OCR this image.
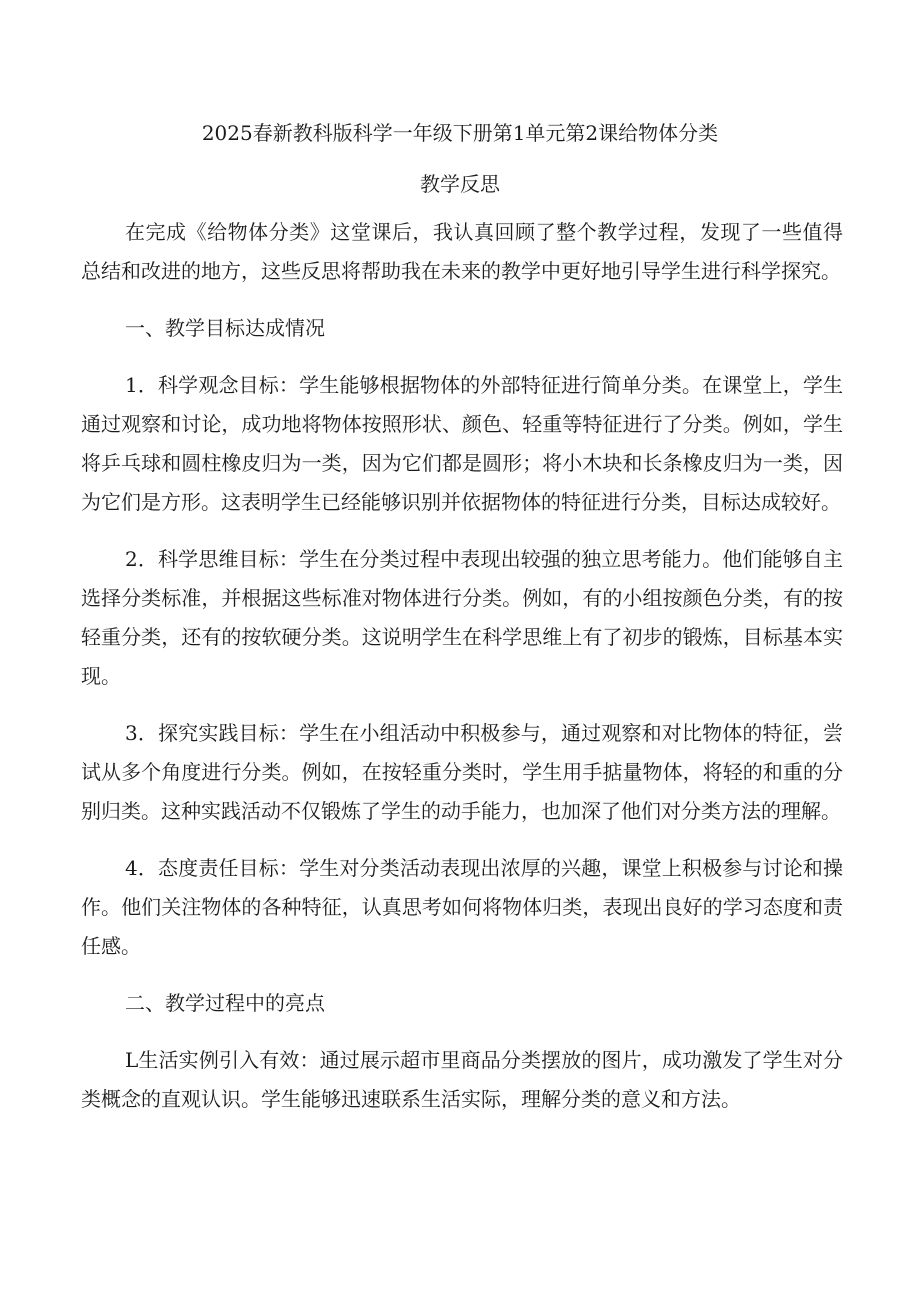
2025春新教科版科学一年级下册第1单元第2课给物体分类
教学反思

在完成《给物体分类》这堂课后，我认真回顾了整个教学过程，发现了一些值得总结和改进的地方，这些反思将帮助我在未来的教学中更好地引导学生进行科学探究。

一、教学目标达成情况

1．科学观念目标：学生能够根据物体的外部特征进行简单分类。在课堂上，学生通过观察和讨论，成功地将物体按照形状、颜色、轻重等特征进行了分类。例如，学生将乒乓球和圆柱橡皮归为一类，因为它们都是圆形；将小木块和长条橡皮归为一类，因为它们是方形。这表明学生已经能够识别并依据物体的特征进行分类，目标达成较好。

2．科学思维目标：学生在分类过程中表现出较强的独立思考能力。他们能够自主选择分类标准，并根据这些标准对物体进行分类。例如，有的小组按颜色分类，有的按轻重分类，还有的按软硬分类。这说明学生在科学思维上有了初步的锻炼，目标基本实现。

3．探究实践目标：学生在小组活动中积极参与，通过观察和对比物体的特征，尝试从多个角度进行分类。例如，在按轻重分类时，学生用手掂量物体，将轻的和重的分别归类。这种实践活动不仅锻炼了学生的动手能力，也加深了他们对分类方法的理解。

4．态度责任目标：学生对分类活动表现出浓厚的兴趣，课堂上积极参与讨论和操作。他们关注物体的各种特征，认真思考如何将物体归类，表现出良好的学习态度和责任感。

二、教学过程中的亮点

L生活实例引入有效：通过展示超市里商品分类摆放的图片，成功激发了学生对分类概念的直观认识。学生能够迅速联系生活实际，理解分类的意义和方法。
